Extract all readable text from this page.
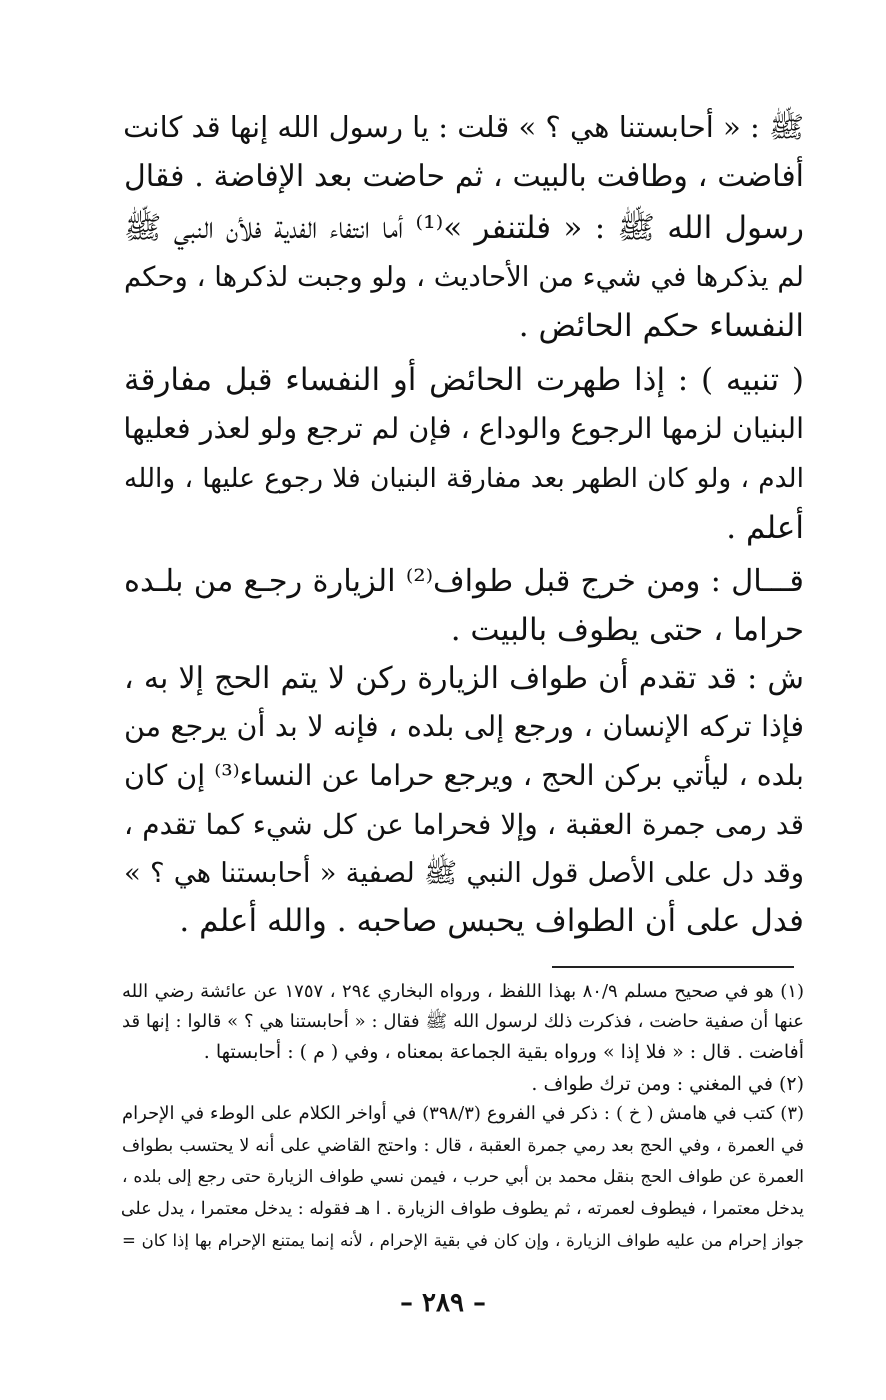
ﷺ : « أحابستنا هي ؟ » قلت : يا رسول الله إنها قد كانت
أفاضت ، وطافت بالبيت ، ثم حاضت بعد الإفاضة . فقال
رسول الله ﷺ : « فلتنفر »⁽¹⁾ أما انتفاء الفدية فلأن النبي ﷺ
لم يذكرها في شيء من الأحاديث ، ولو وجبت لذكرها ، وحكم
النفساء حكم الحائض .
( تنبيه ) : إذا طهرت الحائض أو النفساء قبل مفارقة
البنيان لزمها الرجوع والوداع ، فإن لم ترجع ولو لعذر فعليها
الدم ، ولو كان الطهر بعد مفارقة البنيان فلا رجوع عليها ، والله
أعلم .
قـــال : ومن خرج قبل طواف⁽²⁾ الزيارة رجـع من بلـده
حراما ، حتى يطوف بالبيت .
ش : قد تقدم أن طواف الزيارة ركن لا يتم الحج إلا به ،
فإذا تركه الإنسان ، ورجع إلى بلده ، فإنه لا بد أن يرجع من
بلده ، ليأتي بركن الحج ، ويرجع حراما عن النساء⁽³⁾ إن كان
قد رمى جمرة العقبة ، وإلا فحراما عن كل شيء كما تقدم ،
وقد دل على الأصل قول النبي ﷺ لصفية « أحابستنا هي ؟ »
فدل على أن الطواف يحبس صاحبه . والله أعلم .
(١) هو في صحيح مسلم ٨٠/٩ بهذا اللفظ ، ورواه البخاري ٢٩٤ ، ١٧٥٧ عن عائشة رضي الله
عنها أن صفية حاضت ، فذكرت ذلك لرسول الله ﷺ فقال : « أحابستنا هي ؟ » قالوا : إنها قد
أفاضت . قال : « فلا إذا » ورواه بقية الجماعة بمعناه ، وفي ( م ) : أحابستها .
(٢) في المغني : ومن ترك طواف .
(٣) كتب في هامش ( خ ) : ذكر في الفروع (٣٩٨/٣) في أواخر الكلام على الوطء في الإحرام
في العمرة ، وفي الحج بعد رمي جمرة العقبة ، قال : واحتج القاضي على أنه لا يحتسب بطواف
العمرة عن طواف الحج بنقل محمد بن أبي حرب ، فيمن نسي طواف الزيارة حتى رجع إلى بلده ،
يدخل معتمرا ، فيطوف لعمرته ، ثم يطوف طواف الزيارة . ا هـ فقوله : يدخل معتمرا ، يدل على
جواز إحرام من عليه طواف الزيارة ، وإن كان في بقية الإحرام ، لأنه إنما يمتنع الإحرام بها إذا كان =
– ٢٨٩ –
